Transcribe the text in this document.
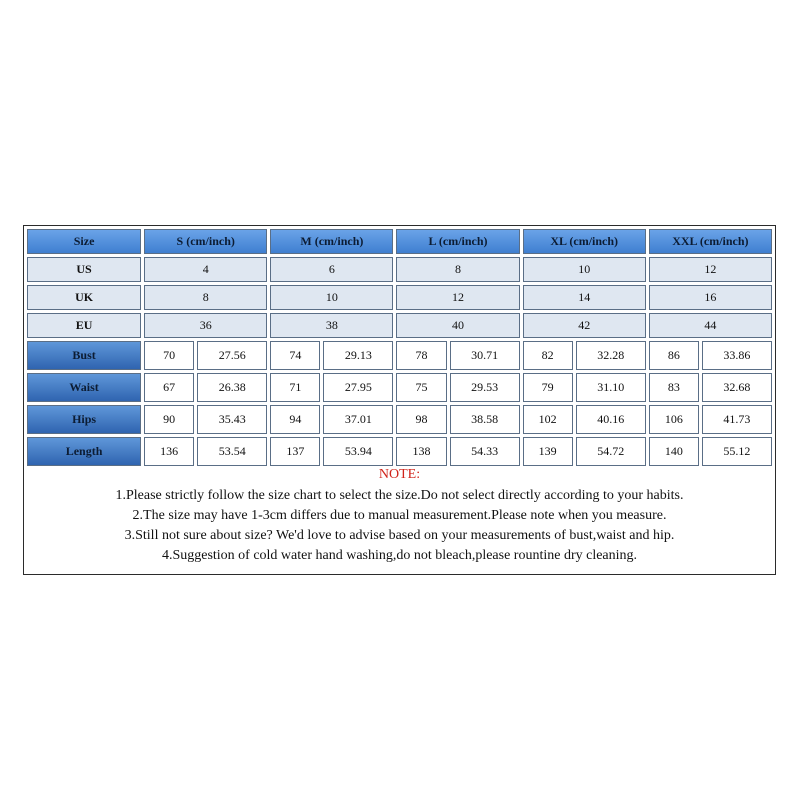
Size	S (cm/inch)		M (cm/inch)		L (cm/inch)		XL (cm/inch)		XXL (cm/inch)	
US	4		6		8		10		12	
UK	8		10		12		14		16	
EU	36		38		40		42		44	
Bust	70	27.56	74	29.13	78	30.71	82	32.28	86	33.86
Waist	67	26.38	71	27.95	75	29.53	79	31.10	83	32.68
Hips	90	35.43	94	37.01	98	38.58	102	40.16	106	41.73
Length	136	53.54	137	53.94	138	54.33	139	54.72	140	55.12
NOTE:
1.Please strictly follow the size chart to select the size.Do not select directly according to your habits.
2.The size may have 1-3cm differs due to manual measurement.Please note when you measure.
3.Still not sure about size? We'd love to advise based on your measurements of bust,waist and hip.
4.Suggestion of cold water hand washing,do not bleach,please rountine dry cleaning.
